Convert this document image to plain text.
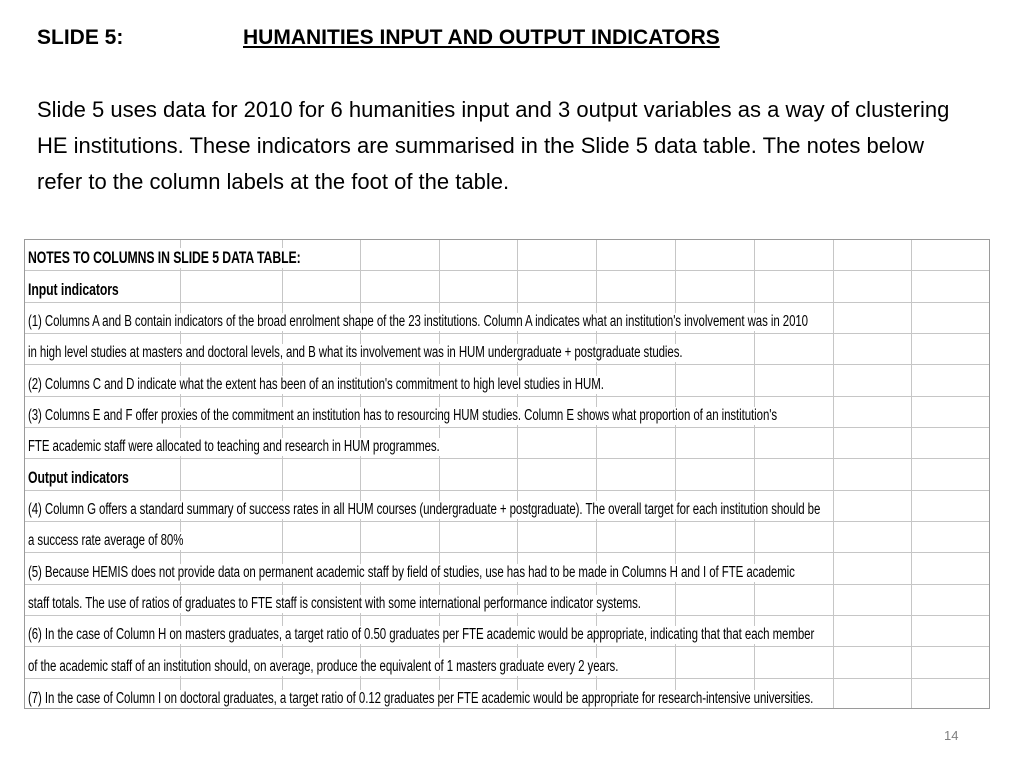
SLIDE 5:	HUMANITIES INPUT AND OUTPUT INDICATORS

Slide 5 uses data for 2010 for 6 humanities input and 3 output variables as a way of clustering HE institutions. These indicators are summarised in the Slide 5 data table. The notes below refer to the column labels at the foot of the table.

NOTES TO COLUMNS IN SLIDE 5 DATA TABLE:
Input indicators
(1) Columns A and B contain indicators of the broad enrolment shape of the 23 institutions. Column A indicates what an institution's involvement was in 2010
in high level studies at masters and doctoral levels, and B what its involvement was in HUM undergraduate + postgraduate studies.
(2) Columns C and D indicate what the extent has been of an institution's commitment to high level studies in HUM.
(3) Columns E and F offer proxies of the commitment an institution has to resourcing HUM studies. Column E shows what proportion of an institution's
FTE academic staff were allocated to teaching and research in HUM programmes.
Output indicators
(4) Column G offers a standard summary of success rates in all HUM courses (undergraduate + postgraduate). The overall target for each institution should be
a success rate average of 80%
(5) Because HEMIS does not provide data on permanent academic staff by field of studies, use has had to be made in Columns H and I of FTE academic
staff totals. The use of ratios of graduates to FTE staff is consistent with some international performance indicator systems.
(6) In the case of Column H on masters graduates, a target ratio of 0.50 graduates per FTE academic would be appropriate, indicating that that each member
of the academic staff of an institution should, on average, produce the equivalent of 1 masters graduate every 2 years.
(7) In the case of Column I on doctoral graduates, a target ratio of 0.12 graduates per FTE academic would be appropriate for research-intensive universities.
14
